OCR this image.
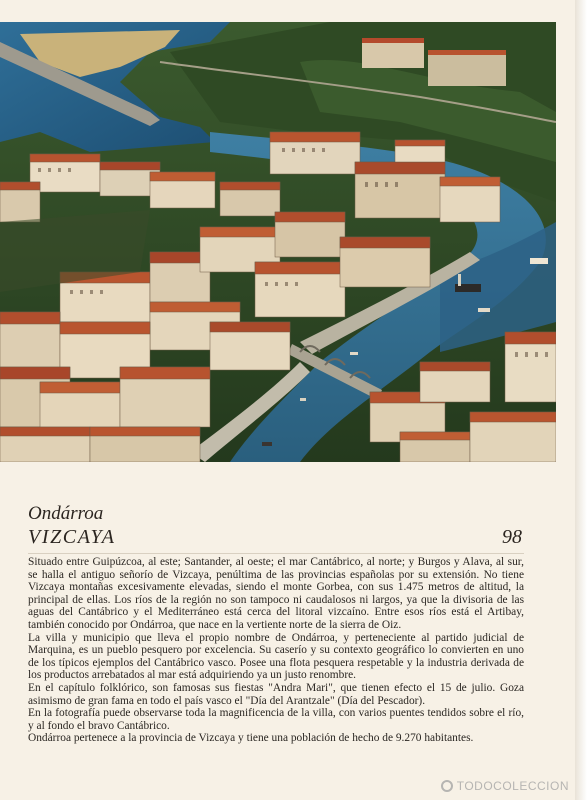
Ondárroa
VIZCAYA	98

Situado entre Guipúzcoa, al este; Santander, al oeste; el mar Cantábrico, al norte; y Burgos y Alava, al sur, se halla el antiguo señorío de Vizcaya, penúltima de las provincias españolas por su extensión. No tiene Vizcaya montañas excesivamente elevadas, siendo el monte Gorbea, con sus 1.475 metros de altitud, la principal de ellas. Los ríos de la región no son tampoco ni caudalosos ni largos, ya que la divisoria de las aguas del Cantábrico y el Mediterráneo está cerca del litoral vizcaíno. Entre esos ríos está el Artibay, también conocido por Ondárroa, que nace en la vertiente norte de la sierra de Oiz.

La villa y municipio que lleva el propio nombre de Ondárroa, y perteneciente al partido judicial de Marquina, es un pueblo pesquero por excelencia. Su caserío y su contexto geográfico lo convierten en uno de los típicos ejemplos del Cantábrico vasco. Posee una flota pesquera respetable y la industria derivada de los productos arrebatados al mar está adquiriendo ya un justo renombre.

En el capítulo folklórico, son famosas sus fiestas "Andra Mari", que tienen efecto el 15 de julio. Goza asimismo de gran fama en todo el país vasco el "Día del Arantzale" (Día del Pescador).

En la fotografía puede observarse toda la magnificencia de la villa, con varios puentes tendidos sobre el río, y al fondo el bravo Cantábrico.

Ondárroa pertenece a la provincia de Vizcaya y tiene una población de hecho de 9.270 habitantes.

TODOCOLECCION
